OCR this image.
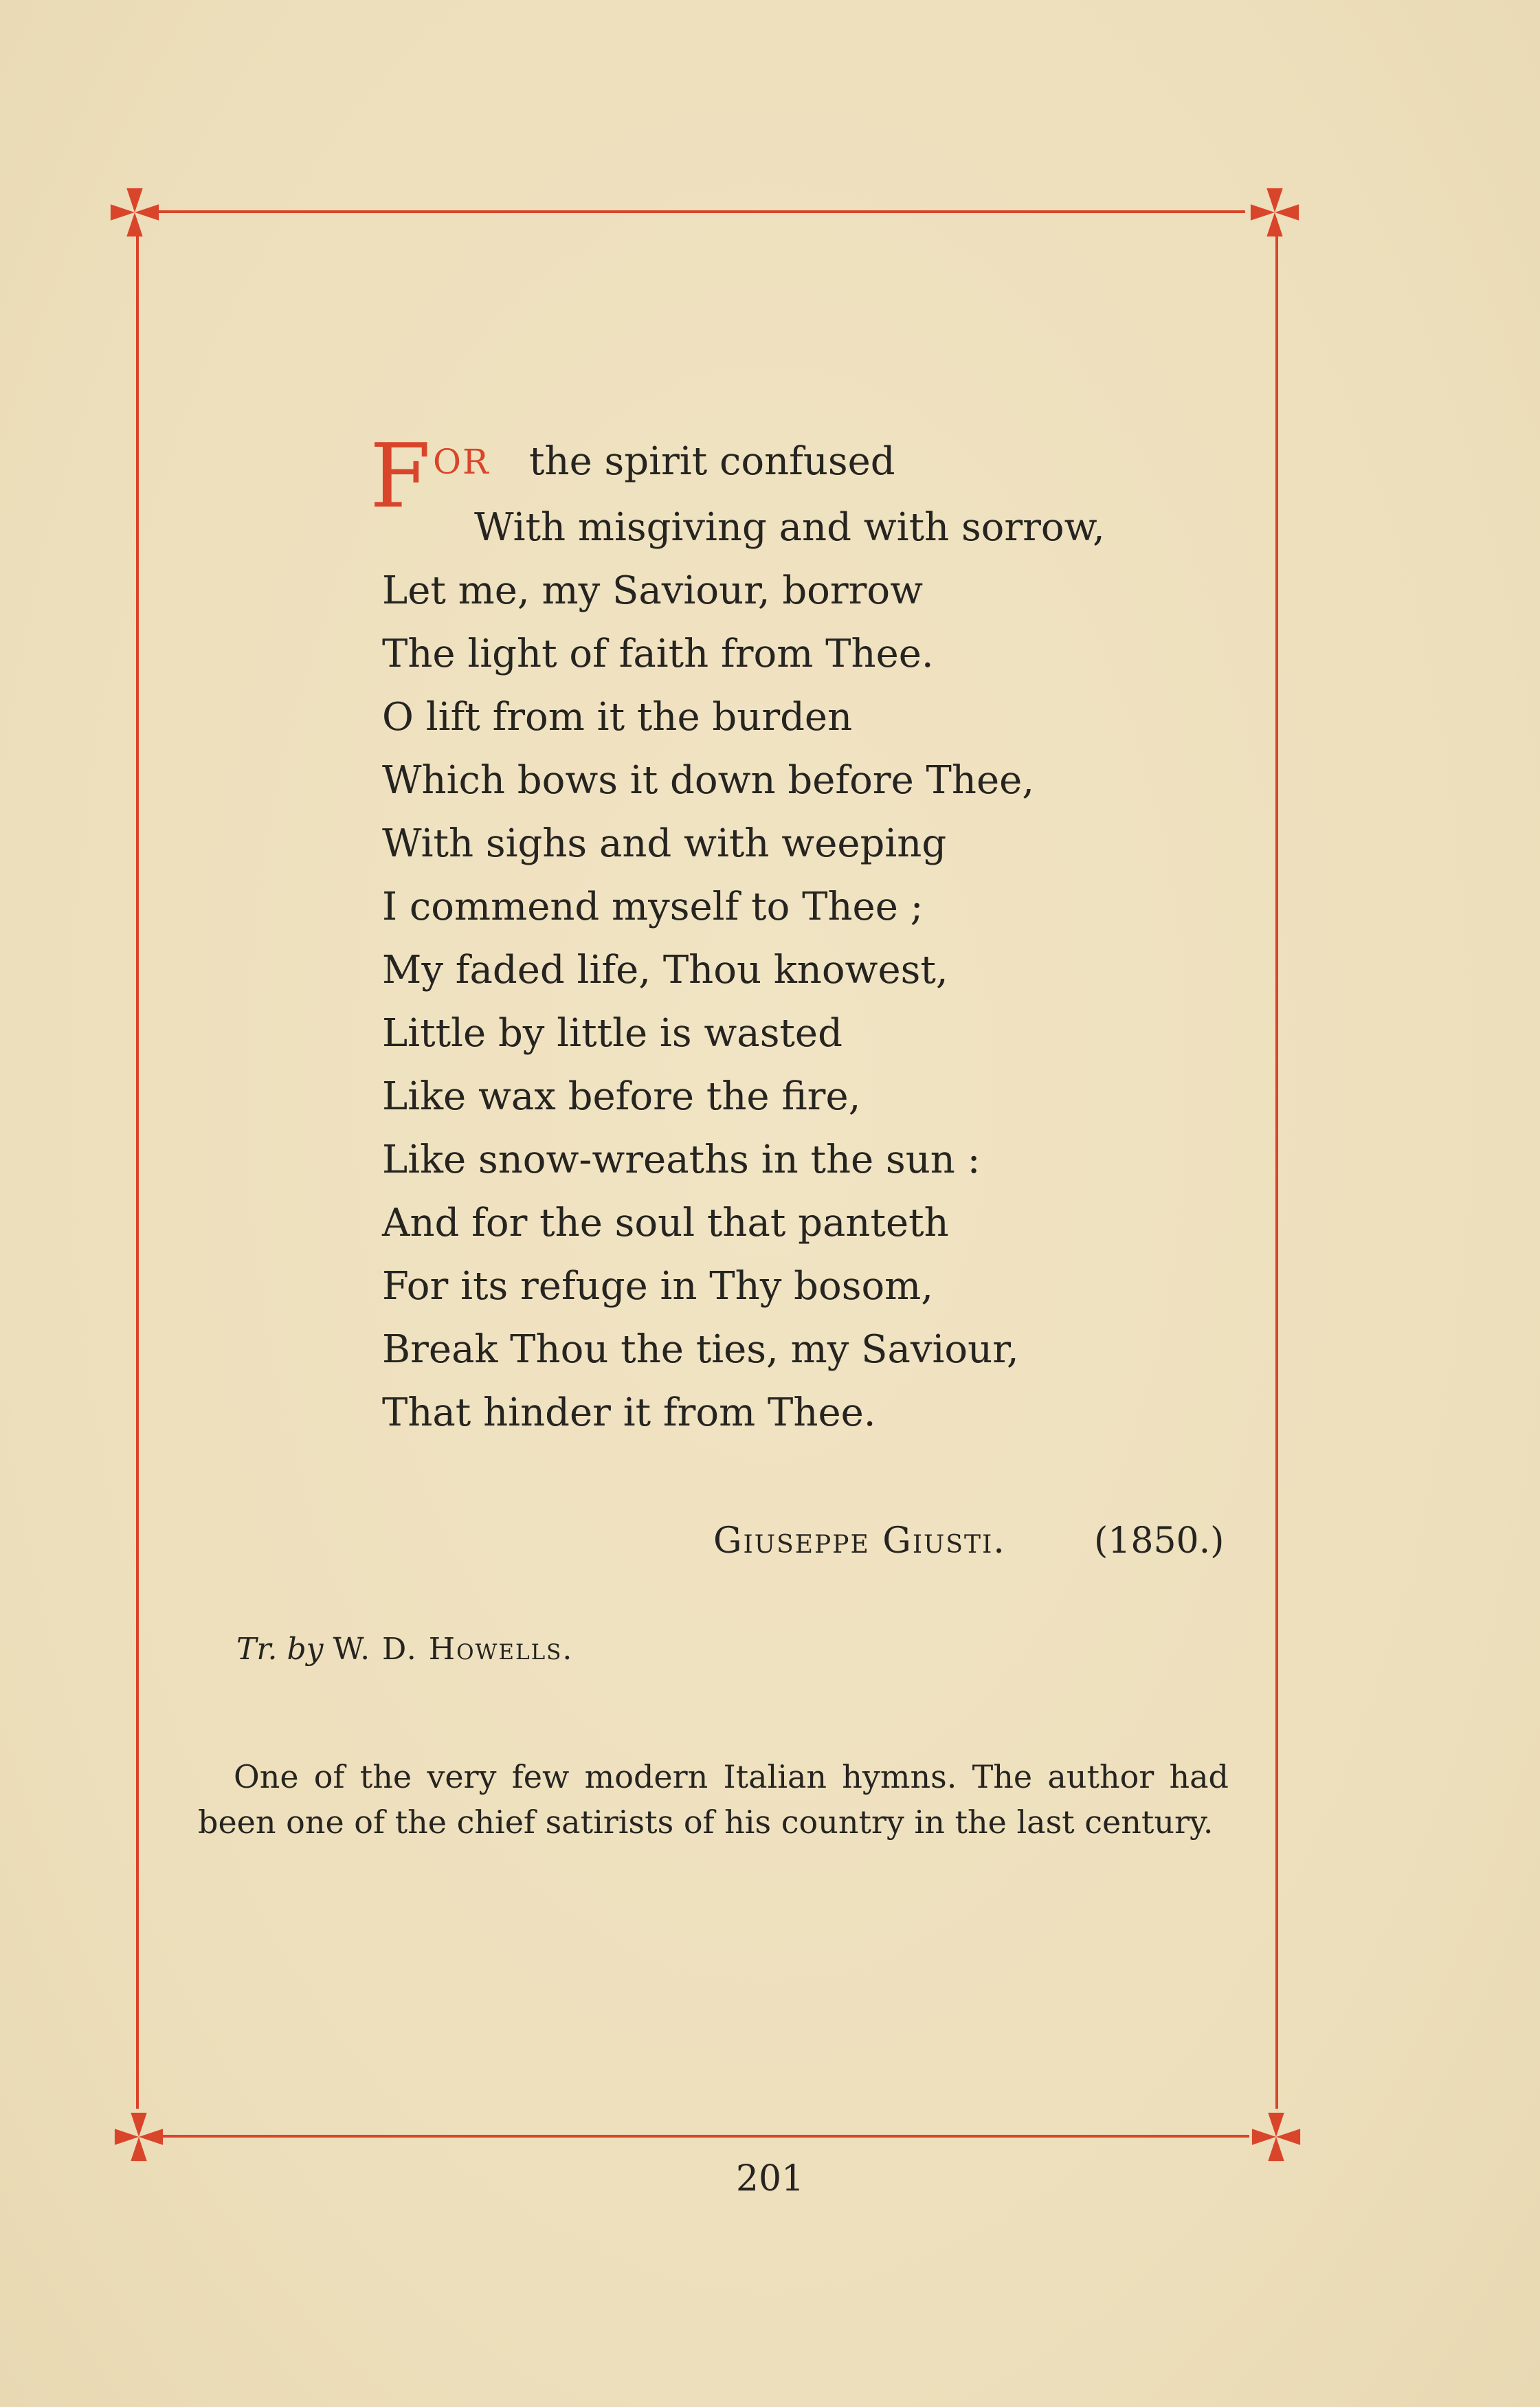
F OR the spirit confused
With misgiving and with sorrow,
Let me, my Saviour, borrow
The light of faith from Thee.
O lift from it the burden
Which bows it down before Thee,
With sighs and with weeping
I commend myself to Thee ;
My faded life, Thou knowest,
Little by little is wasted
Like wax before the fire,
Like snow-wreaths in the sun :
And for the soul that panteth
For its refuge in Thy bosom,
Break Thou the ties, my Saviour,
That hinder it from Thee.
Giuseppe Giusti. (1850.)
Tr. by W. D. Howells.

One of the very few modern Italian hymns. The author had been one of the chief satirists of his country in the last century.

201
